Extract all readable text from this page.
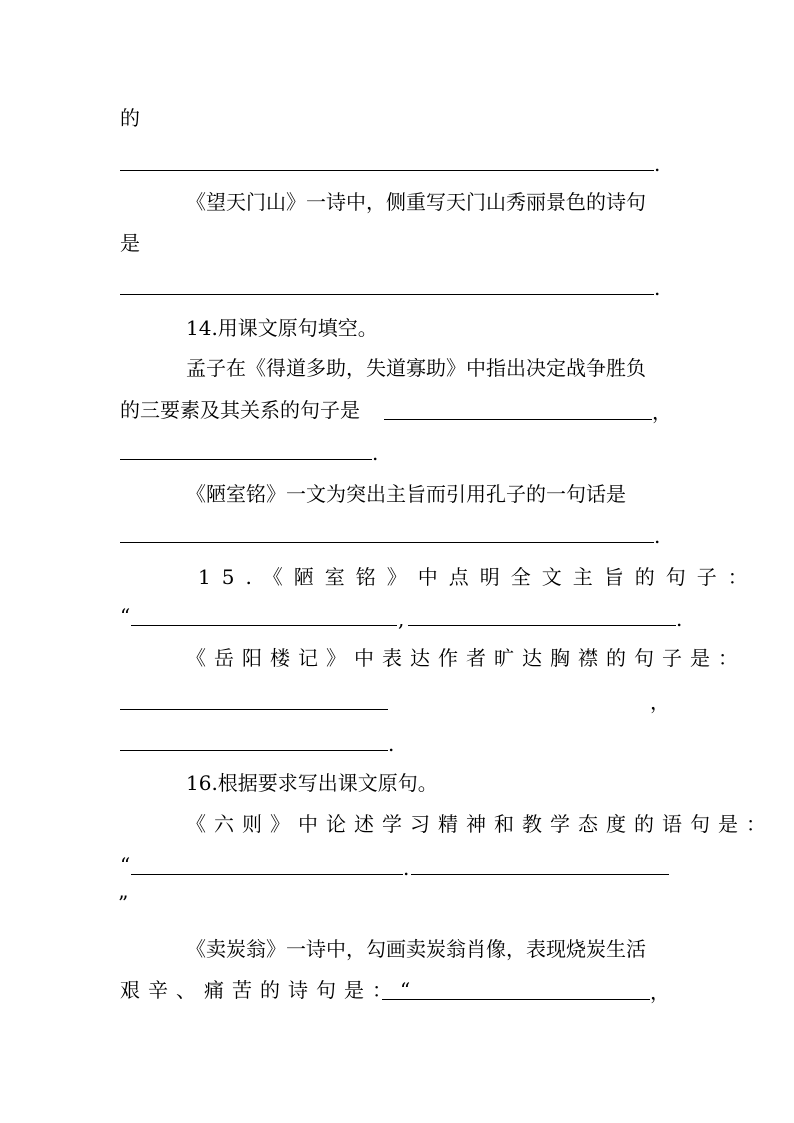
的
.
《望天门山》一诗中，侧重写天门山秀丽景色的诗句
是
.
14.用课文原句填空。
孟子在《得道多助，失道寡助》中指出决定战争胜负
的三要素及其关系的句子是	，
.
《陋室铭》一文为突出主旨而引用孔子的一句话是
.
15.《陋室铭》中点明全文主旨的句子：
“	,	.
《岳阳楼记》中表达作者旷达胸襟的句子是：
，
.
16.根据要求写出课文原句。
《六则》中论述学习精神和教学态度的语句是：
“	.
”
《卖炭翁》一诗中，勾画卖炭翁肖像，表现烧炭生活
艰辛、痛苦的诗句是：“	，
